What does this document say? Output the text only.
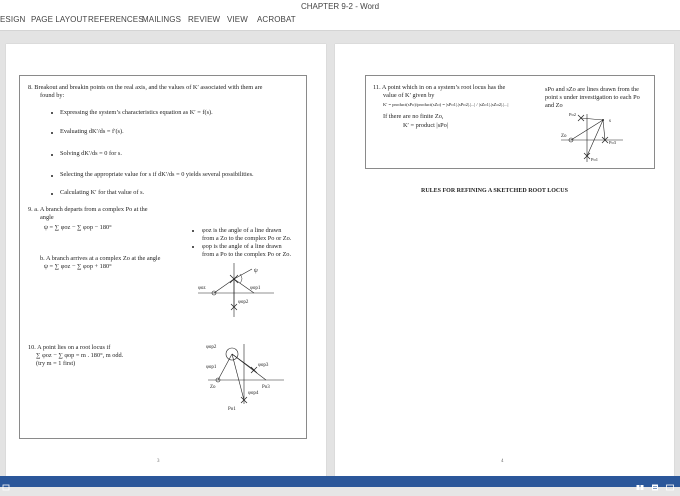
CHAPTER 9-2 - Word
ESIGN PAGE LAYOUT REFERENCES
MAILINGS REVIEW VIEW ACROBAT
8. Breakout and breakin points on the real axis, and the values of K′ associated with them are
found by:
Expressing the system’s characteristics equation as K′ = f(s).
Evaluating dK′/ds = f′(s).
Solving dK′/ds = 0 for s.
Selecting the appropriate value for s if dK′/ds = 0 yields several possibilities.
Calculating K′ for that value of s.
9. a. A branch departs from a complex Po at the
angle
ψ = ∑ φoz − ∑ φop − 180°
b. A branch arrives at a complex Zo at the angle
ψ = ∑ φoz − ∑ φop + 180°
φoz is the angle of a line drawn
from a Zo to the complex Po or Zo.
φop is the angle of a line drawn
from a Po to the complex Po or Zo.
ψ
φoz	φop1
φop2
10. A point lies on a root locus if
∑ φoz − ∑ φop = m . 180°, m odd.
(try m = 1 first)
φop2
φop1	φop3
φop4
Zo	Po3
Po1
3
11. A point which in on a system’s root locus has the
value of K′ given by
K′ = product(sPo)/product(sZo) = |sPo1|.|sPo2|.|...| / |sZo1|.|sZo2|.|...|
If there are no finite Zo,
K′ = product |sPo|
sPo and sZo are lines drawn from the
point s under investigation to each Po
and Zo
s
Zo
Po2
Po3
Po1
RULES FOR REFINING A SKETCHED ROOT LOCUS
4
